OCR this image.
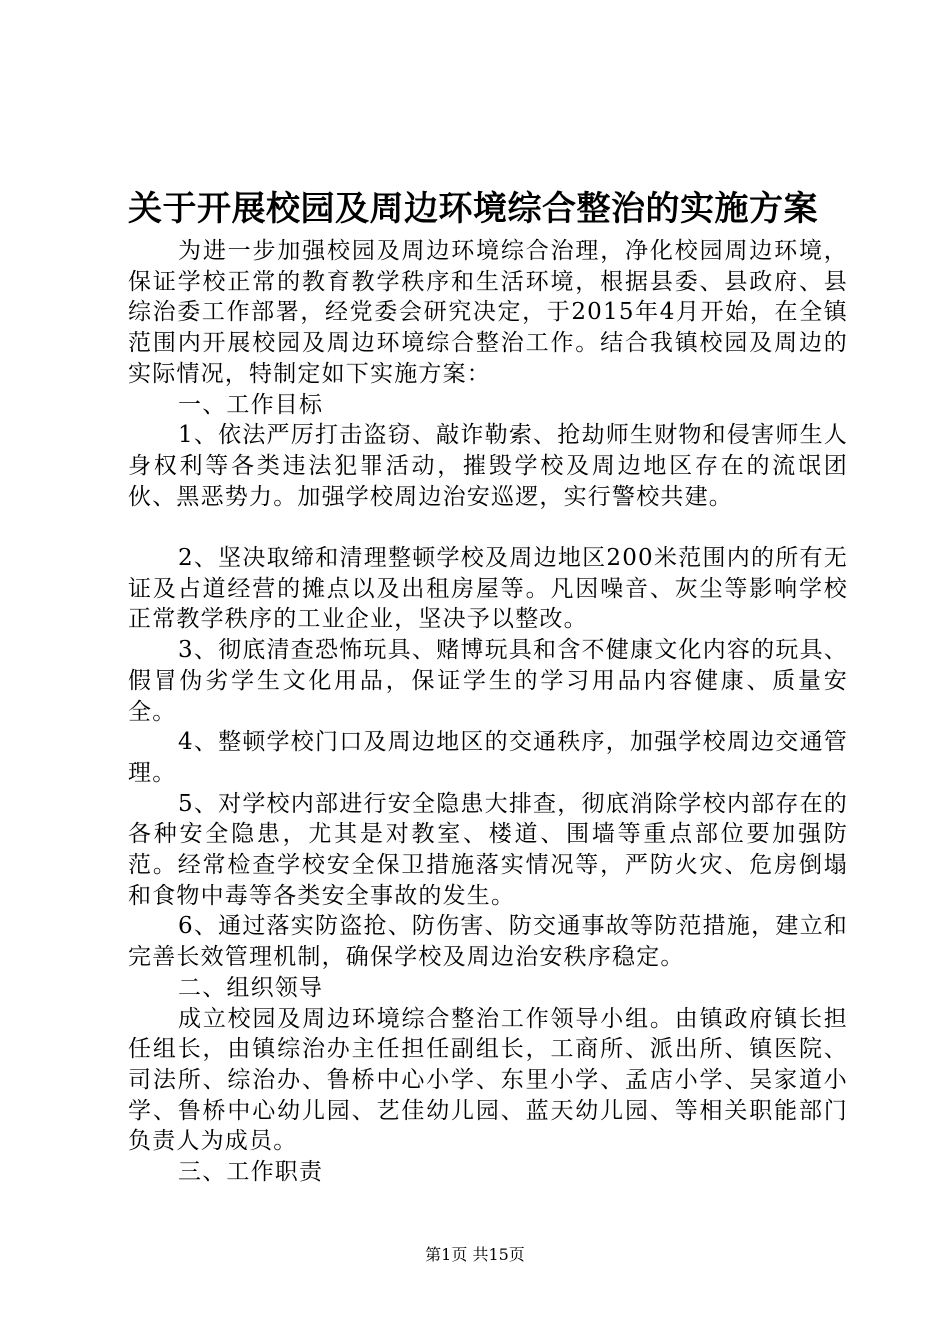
关于开展校园及周边环境综合整治的实施方案

为进一步加强校园及周边环境综合治理，净化校园周边环境，保证学校正常的教育教学秩序和生活环境，根据县委、县政府、县综治委工作部署，经党委会研究决定，于2015年4月开始，在全镇范围内开展校园及周边环境综合整治工作。结合我镇校园及周边的实际情况，特制定如下实施方案：

一、工作目标

1、依法严厉打击盗窃、敲诈勒索、抢劫师生财物和侵害师生人身权利等各类违法犯罪活动，摧毁学校及周边地区存在的流氓团伙、黑恶势力。加强学校周边治安巡逻，实行警校共建。

2、坚决取缔和清理整顿学校及周边地区200米范围内的所有无证及占道经营的摊点以及出租房屋等。凡因噪音、灰尘等影响学校正常教学秩序的工业企业，坚决予以整改。

3、彻底清查恐怖玩具、赌博玩具和含不健康文化内容的玩具、假冒伪劣学生文化用品，保证学生的学习用品内容健康、质量安全。

4、整顿学校门口及周边地区的交通秩序，加强学校周边交通管理。

5、对学校内部进行安全隐患大排查，彻底消除学校内部存在的各种安全隐患，尤其是对教室、楼道、围墙等重点部位要加强防范。经常检查学校安全保卫措施落实情况等，严防火灾、危房倒塌和食物中毒等各类安全事故的发生。

6、通过落实防盗抢、防伤害、防交通事故等防范措施，建立和完善长效管理机制，确保学校及周边治安秩序稳定。

二、组织领导

成立校园及周边环境综合整治工作领导小组。由镇政府镇长担任组长，由镇综治办主任担任副组长，工商所、派出所、镇医院、司法所、综治办、鲁桥中心小学、东里小学、孟店小学、吴家道小学、鲁桥中心幼儿园、艺佳幼儿园、蓝天幼儿园、等相关职能部门负责人为成员。

三、工作职责

第1页 共15页
